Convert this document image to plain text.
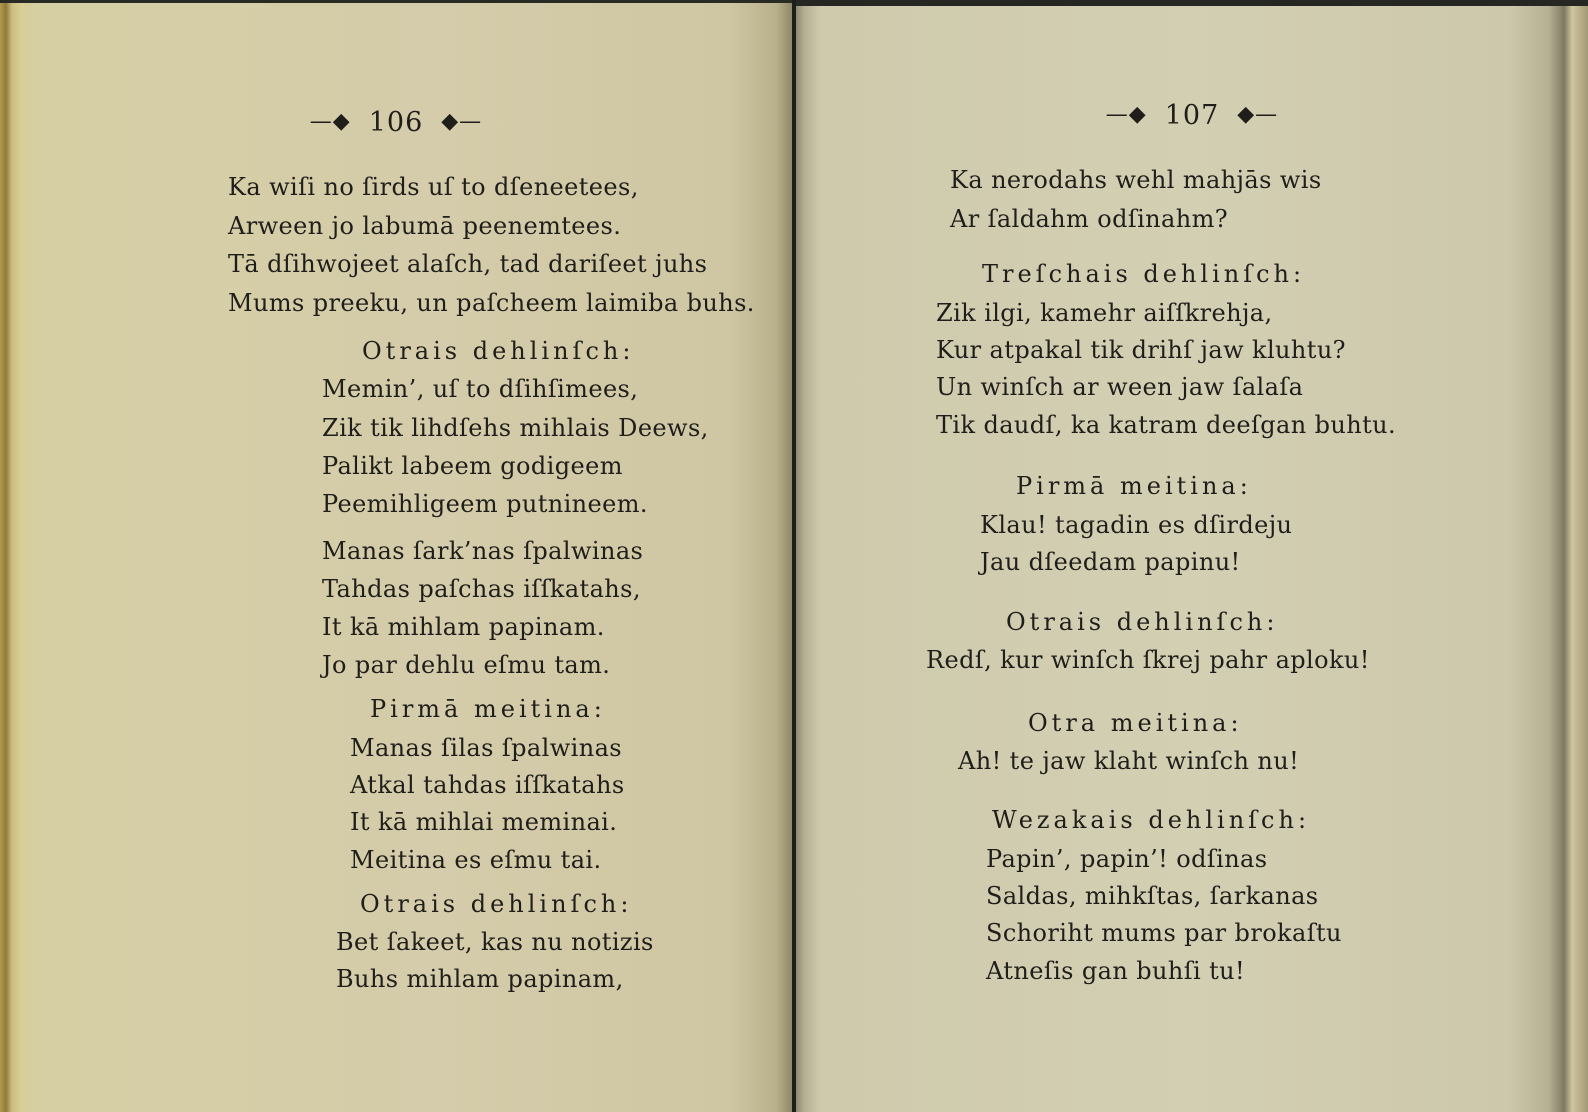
—◆ 106 ◆—
Ka wiſi no ſirds uſ to dſeneetees,
Arween jo labumā peenemtees.
Tā dſihwojeet alaſch, tad dariſeet juhs
Mums preeku, un paſcheem laimiba buhs.
Otrais dehlinſch:
Memin’, uſ to dſihſimees,
Zik tik lihdſehs mihlais Deews,
Palikt labeem godigeem
Peemihligeem putnineem.
Manas ſark’nas ſpalwinas
Tahdas paſchas iſſkatahs,
It kā mihlam papinam.
Jo par dehlu eſmu tam.
Pirmā meitina:
Manas ſilas ſpalwinas
Atkal tahdas iſſkatahs
It kā mihlai meminai.
Meitina es eſmu tai.
Otrais dehlinſch:
Bet ſakeet, kas nu notizis
Buhs mihlam papinam,
—◆ 107 ◆—
Ka nerodahs wehl mahjās wis
Ar ſaldahm odſinahm?
Treſchais dehlinſch:
Zik ilgi, kamehr aiſſkrehja,
Kur atpakal tik drihſ jaw kluhtu?
Un winſch ar ween jaw ſalaſa
Tik daudſ, ka katram deeſgan buhtu.
Pirmā meitina:
Klau! tagadin es dſirdeju
Jau dſeedam papinu!
Otrais dehlinſch:
Redſ, kur winſch ſkrej pahr aploku!
Otra meitina:
Ah! te jaw klaht winſch nu!
Wezakais dehlinſch:
Papin’, papin’! odſinas
Saldas, mihkſtas, ſarkanas
Schoriht mums par brokaſtu
Atneſis gan buhſi tu!
